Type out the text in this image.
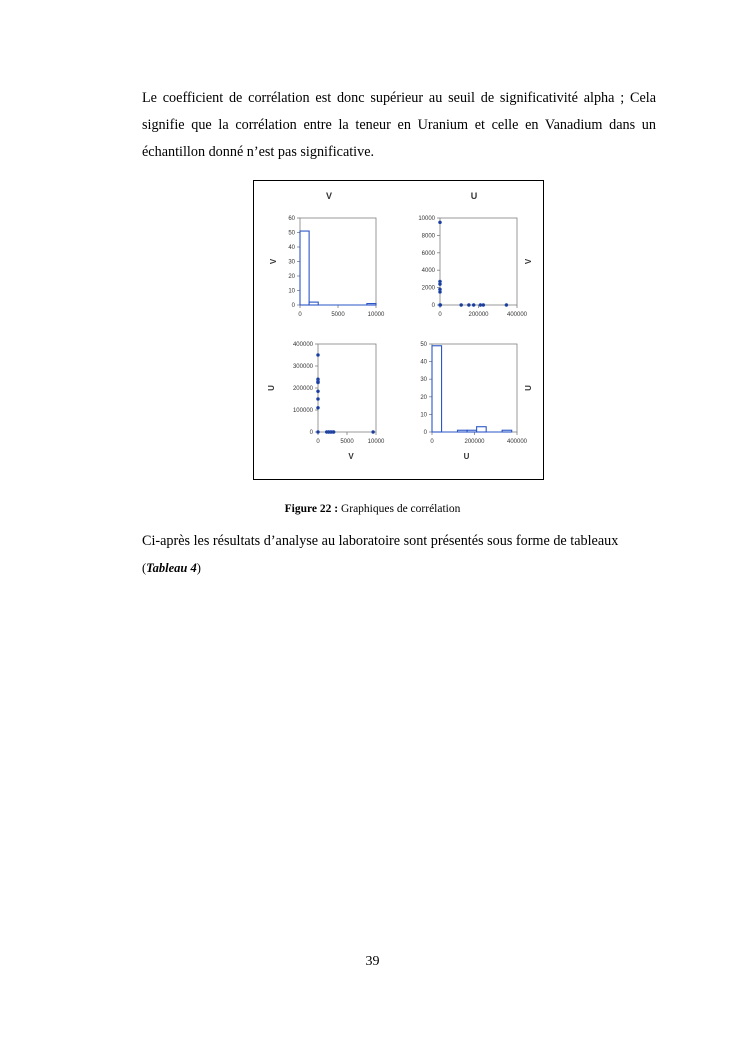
Le coefficient de corrélation est donc supérieur au seuil de significativité alpha ; Cela signifie que la corrélation entre la teneur en Uranium et celle en Vanadium dans un échantillon donné n’est pas significative.

0
10
20
30
40
50
60
0	5000	10000
V
V
0
2000
4000
6000
8000
10000
0	200000	400000
U
V
0
100000
200000
300000
400000
0	5000 10000
V
U
0
10
20
30
40
50
0	200000	400000
U
U
Figure 22 : Graphiques de corrélation

Ci-après les résultats d’analyse au laboratoire sont présentés sous forme de tableaux
(Tableau 4)

39
